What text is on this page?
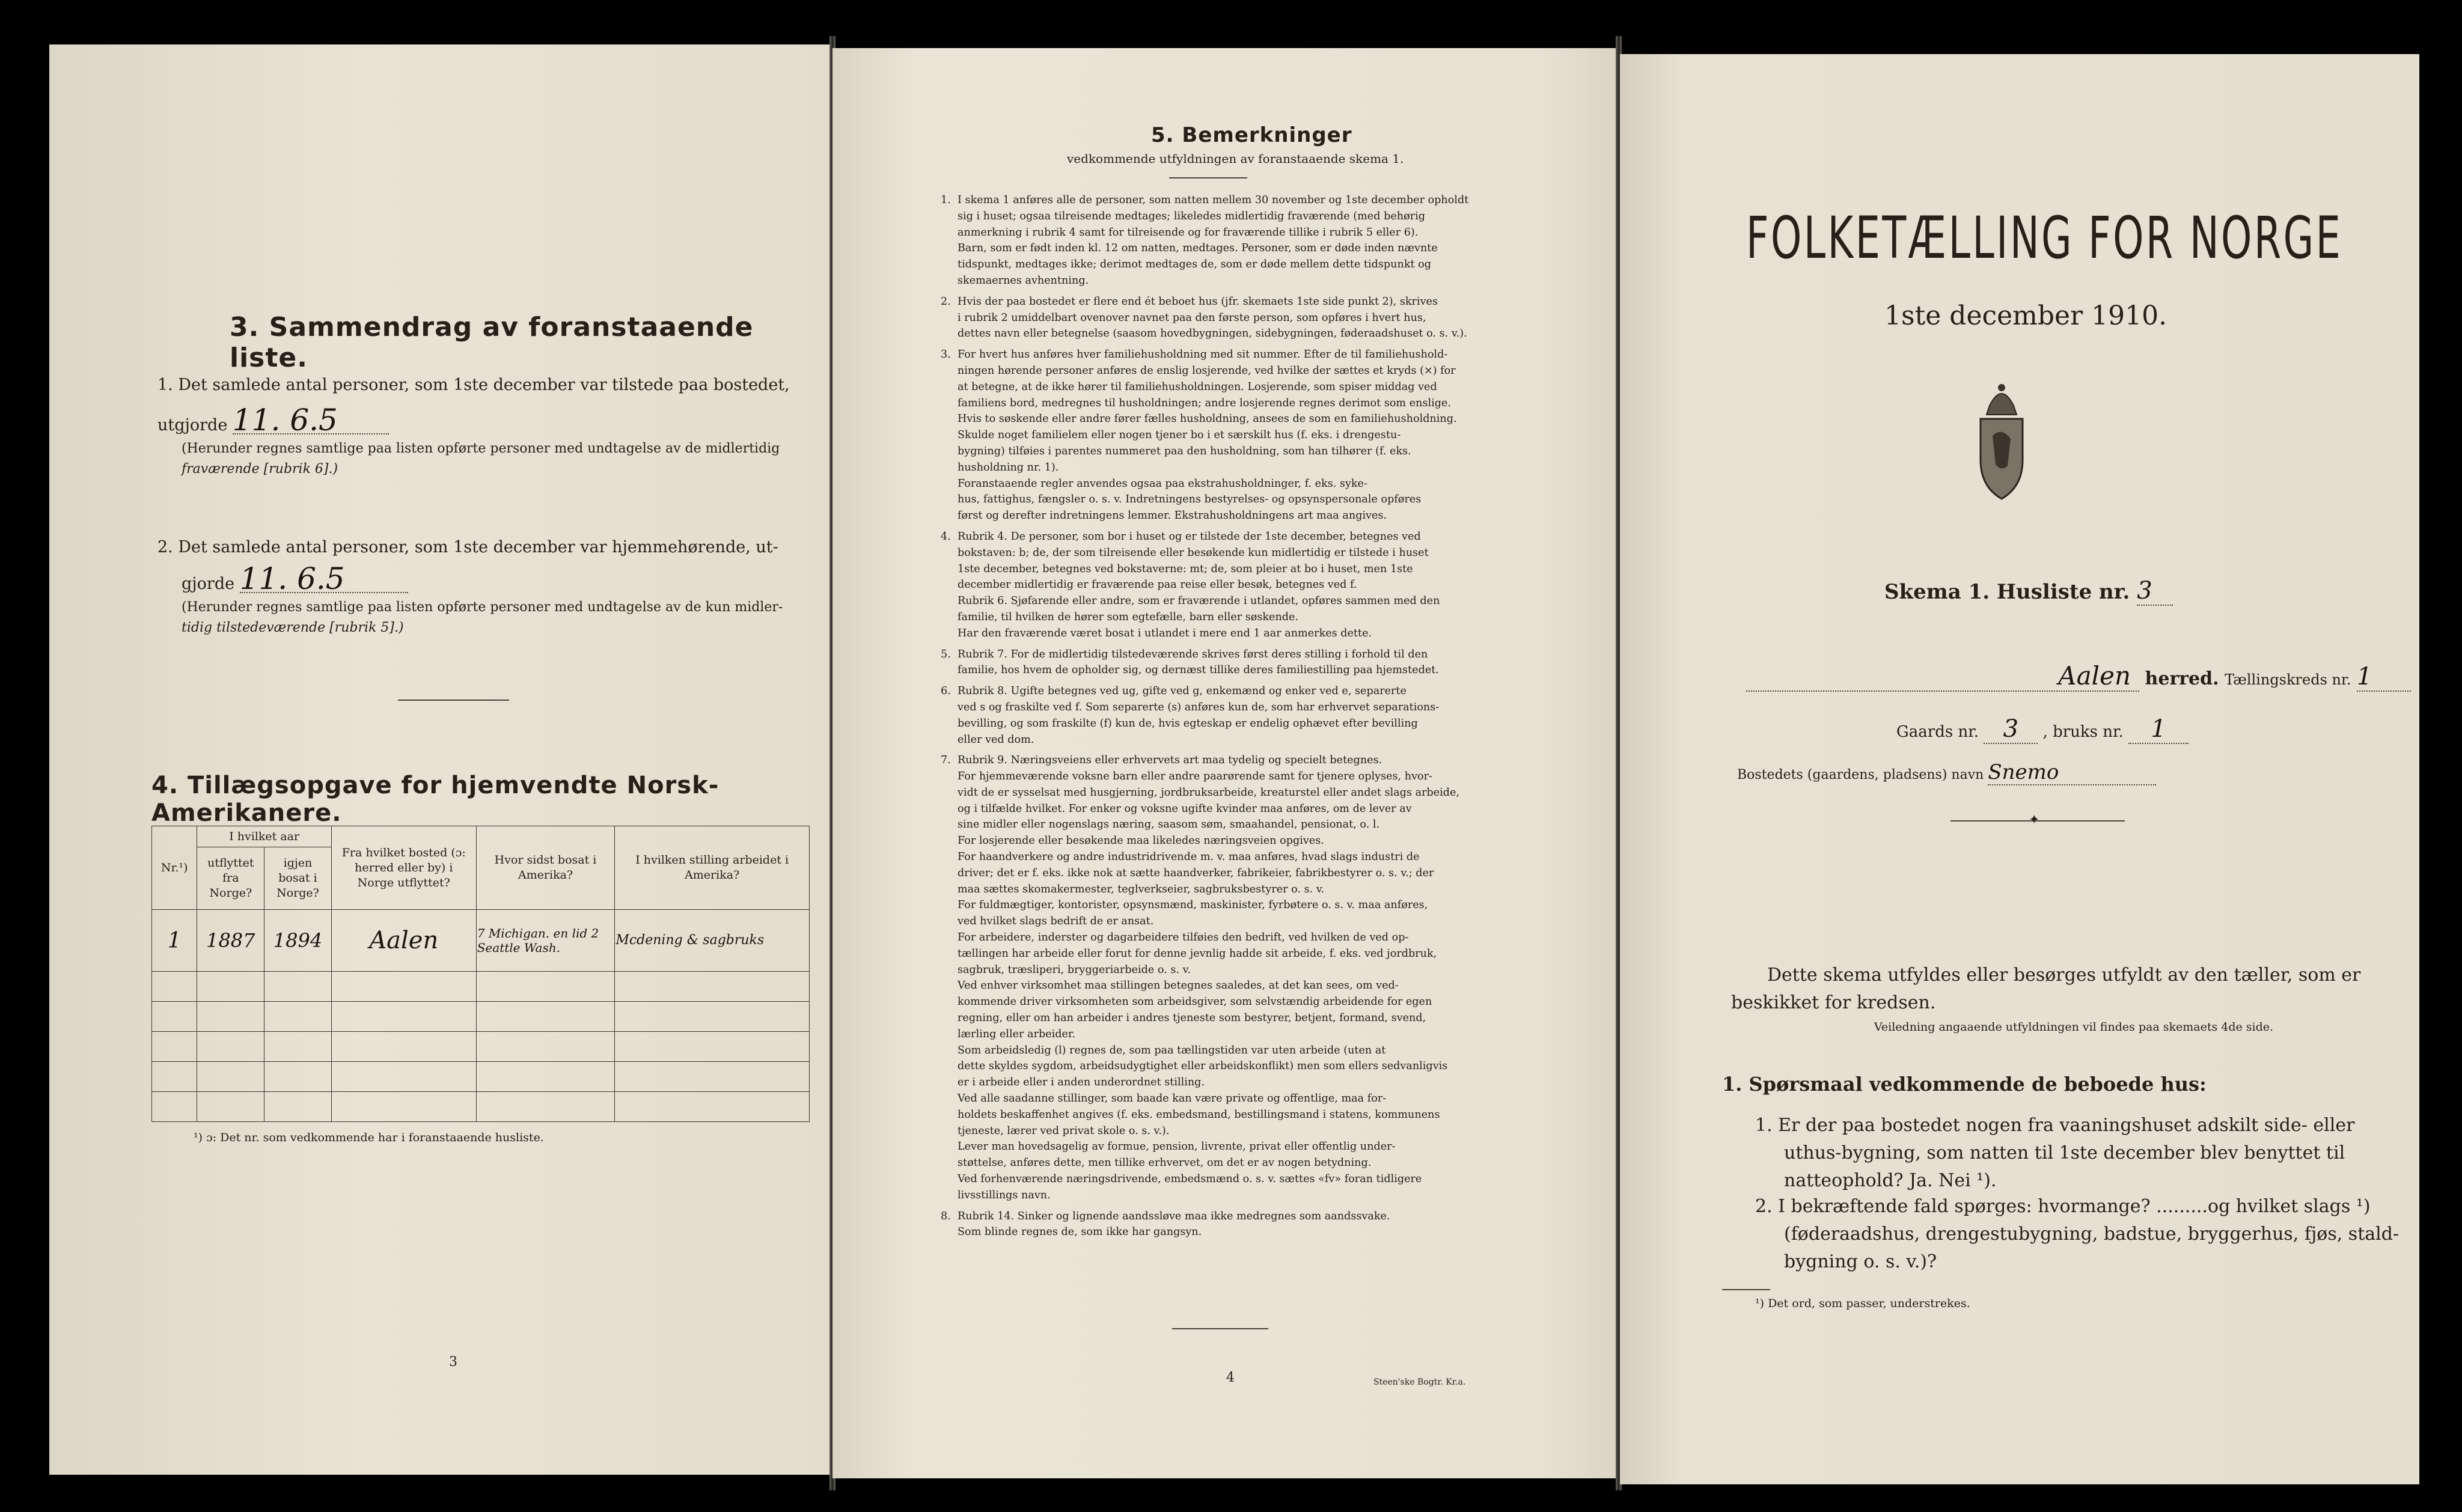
3. Sammendrag av foranstaaende liste.
1. Det samlede antal personer, som 1ste december var tilstede paa bostedet,
utgjorde 11. 6.5
(Herunder regnes samtlige paa listen opførte personer med undtagelse av de midlertidig
fraværende [rubrik 6].)
2. Det samlede antal personer, som 1ste december var hjemmehørende, ut-
gjorde 11. 6.5
(Herunder regnes samtlige paa listen opførte personer med undtagelse av de kun midler-
tidig tilstedeværende [rubrik 5].)
4. Tillægsopgave for hjemvendte Norsk-Amerikanere.
Nr.¹)	I hvilket aar		Fra hvilket bosted (ɔ: herred eller by) i Norge utflyttet?	Hvor sidst bosat i Amerika?	I hvilken stilling arbeidet i Amerika?
	utflyttet fra Norge?	igjen bosat i Norge?			
1	1887	1894	Aalen	7 Michigan. en lid 2 Seattle Wash.	Mcdening & sagbruks

¹) ɔ: Det nr. som vedkommende har i foranstaaende husliste.
3
5. Bemerkninger
vedkommende utfyldningen av foranstaaende skema 1.
1. I skema 1 anføres alle de personer, som natten mellem 30 november og 1ste december opholdt
sig i huset; ogsaa tilreisende medtages; likeledes midlertidig fraværende (med behørig
anmerkning i rubrik 4 samt for tilreisende og for fraværende tillike i rubrik 5 eller 6).
Barn, som er født inden kl. 12 om natten, medtages. Personer, som er døde inden nævnte
tidspunkt, medtages ikke; derimot medtages de, som er døde mellem dette tidspunkt og
skemaernes avhentning.
2. Hvis der paa bostedet er flere end ét beboet hus (jfr. skemaets 1ste side punkt 2), skrives
i rubrik 2 umiddelbart ovenover navnet paa den første person, som opføres i hvert hus,
dettes navn eller betegnelse (saasom hovedbygningen, sidebygningen, føderaadshuset o. s. v.).
3. For hvert hus anføres hver familiehusholdning med sit nummer. Efter de til familiehushold-
ningen hørende personer anføres de enslig losjerende, ved hvilke der sættes et kryds (×) for
at betegne, at de ikke hører til familiehusholdningen. Losjerende, som spiser middag ved
familiens bord, medregnes til husholdningen; andre losjerende regnes derimot som enslige.
Hvis to søskende eller andre fører fælles husholdning, ansees de som en familiehusholdning.
Skulde noget familielem eller nogen tjener bo i et særskilt hus (f. eks. i drengestu-
bygning) tilføies i parentes nummeret paa den husholdning, som han tilhører (f. eks.
husholdning nr. 1).
Foranstaaende regler anvendes ogsaa paa ekstrahusholdninger, f. eks. syke-
hus, fattighus, fængsler o. s. v. Indretningens bestyrelses- og opsynspersonale opføres
først og derefter indretningens lemmer. Ekstrahusholdningens art maa angives.
4. Rubrik 4. De personer, som bor i huset og er tilstede der 1ste december, betegnes ved
bokstaven: b; de, der som tilreisende eller besøkende kun midlertidig er tilstede i huset
1ste december, betegnes ved bokstaverne: mt; de, som pleier at bo i huset, men 1ste
december midlertidig er fraværende paa reise eller besøk, betegnes ved f.
Rubrik 6. Sjøfarende eller andre, som er fraværende i utlandet, opføres sammen med den
familie, til hvilken de hører som egtefælle, barn eller søskende.
Har den fraværende været bosat i utlandet i mere end 1 aar anmerkes dette.
5. Rubrik 7. For de midlertidig tilstedeværende skrives først deres stilling i forhold til den
familie, hos hvem de opholder sig, og dernæst tillike deres familiestilling paa hjemstedet.
6. Rubrik 8. Ugifte betegnes ved ug, gifte ved g, enkemænd og enker ved e, separerte
ved s og fraskilte ved f. Som separerte (s) anføres kun de, som har erhvervet separations-
bevilling, og som fraskilte (f) kun de, hvis egteskap er endelig ophævet efter bevilling
eller ved dom.
7. Rubrik 9. Næringsveiens eller erhvervets art maa tydelig og specielt betegnes.
For hjemmeværende voksne barn eller andre paarørende samt for tjenere oplyses, hvor-
vidt de er sysselsat med husgjerning, jordbruksarbeide, kreaturstel eller andet slags arbeide,
og i tilfælde hvilket. For enker og voksne ugifte kvinder maa anføres, om de lever av
sine midler eller nogenslags næring, saasom søm, smaahandel, pensionat, o. l.
For losjerende eller besøkende maa likeledes næringsveien opgives.
For haandverkere og andre industridrivende m. v. maa anføres, hvad slags industri de
driver; det er f. eks. ikke nok at sætte haandverker, fabrikeier, fabrikbestyrer o. s. v.; der
maa sættes skomakermester, teglverkseier, sagbruksbestyrer o. s. v.
For fuldmægtiger, kontorister, opsynsmænd, maskinister, fyrbøtere o. s. v. maa anføres,
ved hvilket slags bedrift de er ansat.
For arbeidere, inderster og dagarbeidere tilføies den bedrift, ved hvilken de ved op-
tællingen har arbeide eller forut for denne jevnlig hadde sit arbeide, f. eks. ved jordbruk,
sagbruk, træsliperi, bryggeriarbeide o. s. v.
Ved enhver virksomhet maa stillingen betegnes saaledes, at det kan sees, om ved-
kommende driver virksomheten som arbeidsgiver, som selvstændig arbeidende for egen
regning, eller om han arbeider i andres tjeneste som bestyrer, betjent, formand, svend,
lærling eller arbeider.
Som arbeidsledig (l) regnes de, som paa tællingstiden var uten arbeide (uten at
dette skyldes sygdom, arbeidsudygtighet eller arbeidskonflikt) men som ellers sedvanligvis
er i arbeide eller i anden underordnet stilling.
Ved alle saadanne stillinger, som baade kan være private og offentlige, maa for-
holdets beskaffenhet angives (f. eks. embedsmand, bestillingsmand i statens, kommunens
tjeneste, lærer ved privat skole o. s. v.).
Lever man hovedsagelig av formue, pension, livrente, privat eller offentlig under-
støttelse, anføres dette, men tillike erhvervet, om det er av nogen betydning.
Ved forhenværende næringsdrivende, embedsmænd o. s. v. sættes «fv» foran tidligere
livsstillings navn.
8. Rubrik 14. Sinker og lignende aandssløve maa ikke medregnes som aandssvake.
Som blinde regnes de, som ikke har gangsyn.
4	Steen'ske Bogtr. Kr.a.
FOLKETÆLLING FOR NORGE
1ste december 1910.
Skema 1. Husliste nr. 3
Aalen herred. Tællingskreds nr. 1
Gaards nr. 3 , bruks nr. 1
Bostedets (gaardens, pladsens) navn Snemo
✦
Dette skema utfyldes eller besørges utfyldt av den tæller, som er
beskikket for kredsen.
Veiledning angaaende utfyldningen vil findes paa skemaets 4de side.
1. Spørsmaal vedkommende de beboede hus:
1. Er der paa bostedet nogen fra vaaningshuset adskilt side- eller
uthus-bygning, som natten til 1ste december blev benyttet til
natteophold? Ja. Nei ¹).
2. I bekræftende fald spørges: hvormange? .........og hvilket slags ¹)
(føderaadshus, drengestubygning, badstue, bryggerhus, fjøs, stald-
bygning o. s. v.)?
¹) Det ord, som passer, understrekes.
